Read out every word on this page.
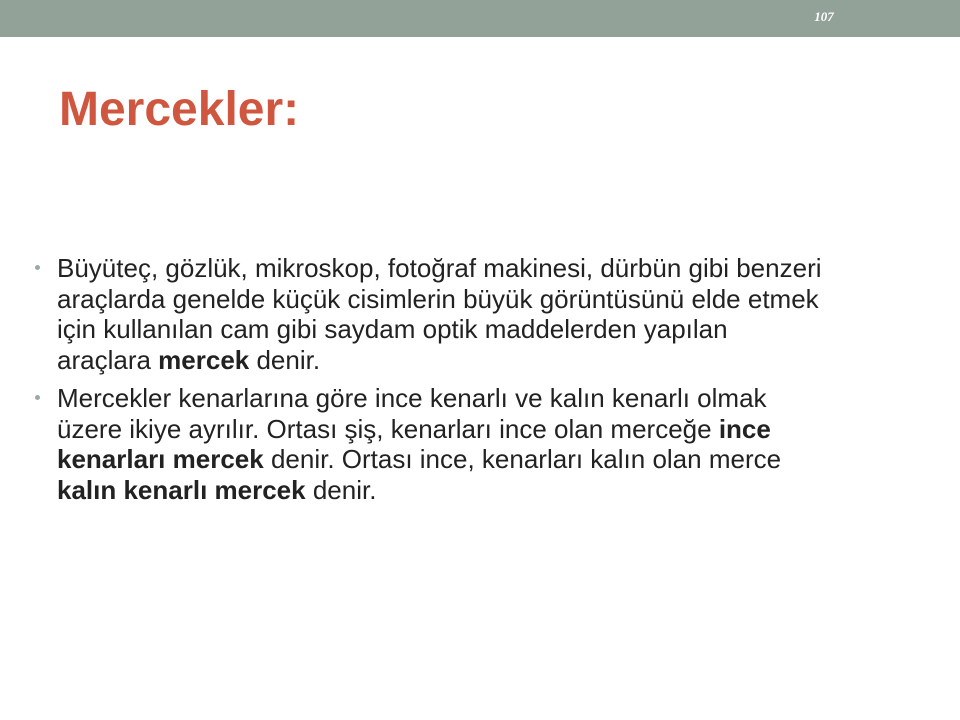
107
Mercekler:
Büyüteç, gözlük, mikroskop, fotoğraf makinesi, dürbün gibi benzeri araçlarda genelde küçük cisimlerin büyük görüntüsünü elde etmek için kullanılan cam gibi saydam optik maddelerden yapılan araçlara mercek denir.
Mercekler kenarlarına göre ince kenarlı ve kalın kenarlı olmak üzere ikiye ayrılır. Ortası şiş, kenarları ince olan merceğe ince kenarları mercek denir. Ortası ince, kenarları kalın olan merce kalın kenarlı mercek denir.
